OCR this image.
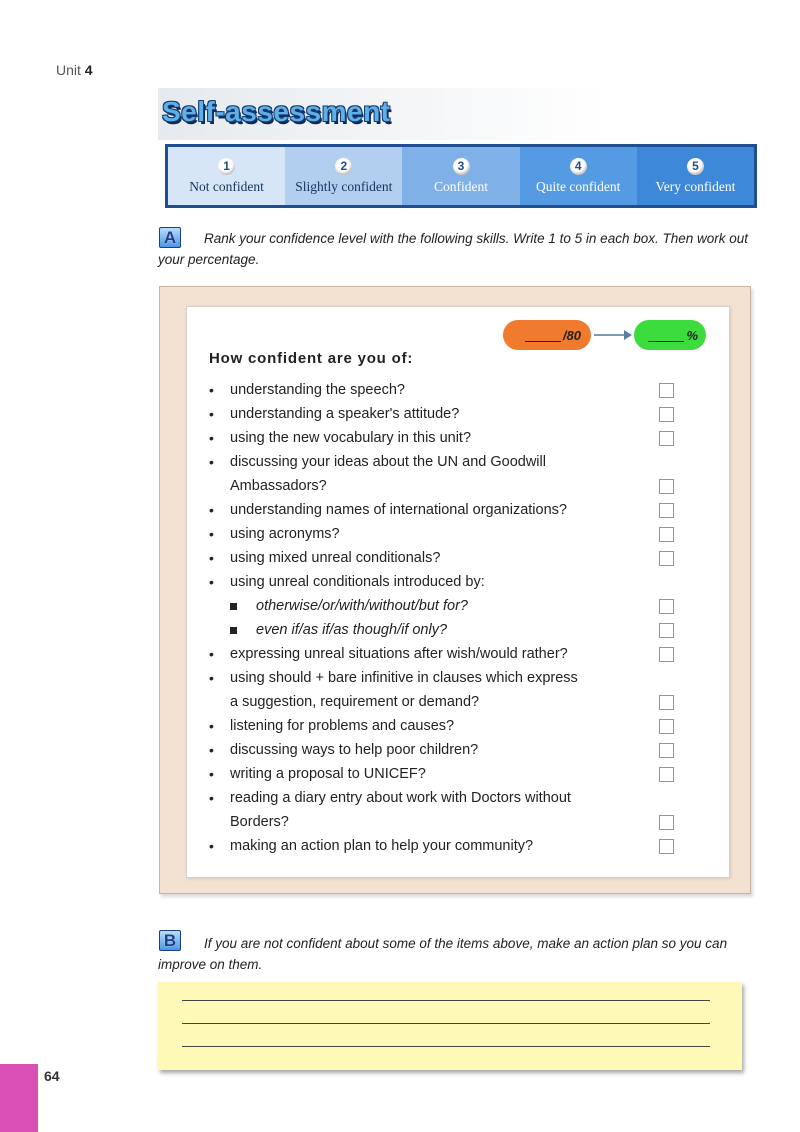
Unit 4
Self-assessment
1
Not confident
2
Slightly confident
3
Confident
4
Quite confident
5
Very confident
A	Rank your confidence level with the following skills. Write 1 to 5 in each box. Then work out your percentage.
/80	%
How confident are you of:
• understanding the speech?
• understanding a speaker's attitude?
• using the new vocabulary in this unit?
• discussing your ideas about the UN and Goodwill
Ambassadors?
• understanding names of international organizations?
• using acronyms?
• using mixed unreal conditionals?
• using unreal conditionals introduced by:
otherwise/or/with/without/but for?
even if/as if/as though/if only?
• expressing unreal situations after wish/would rather?
• using should + bare infinitive in clauses which express
a suggestion, requirement or demand?
• listening for problems and causes?
• discussing ways to help poor children?
• writing a proposal to UNICEF?
• reading a diary entry about work with Doctors without
Borders?
• making an action plan to help your community?
B	If you are not confident about some of the items above, make an action plan so you can improve on them.
64
